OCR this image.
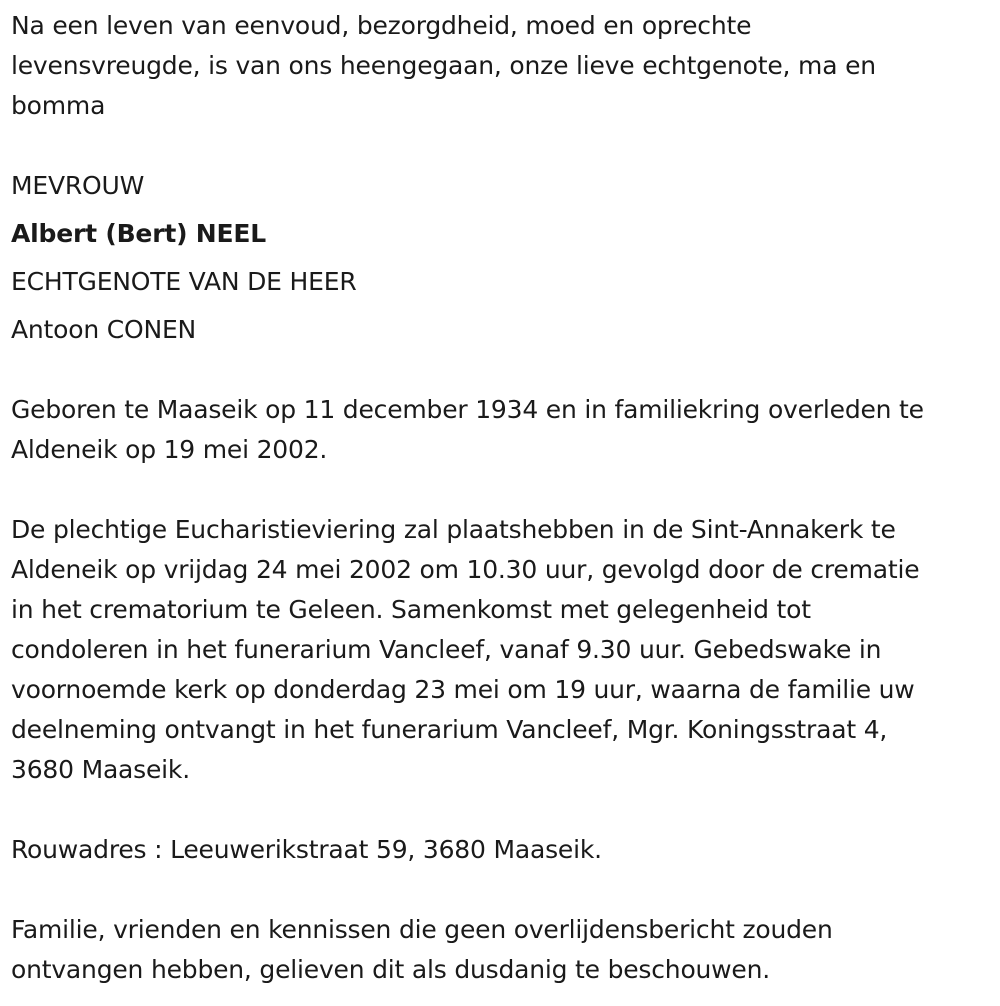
Na een leven van eenvoud, bezorgdheid, moed en oprechte

levensvreugde, is van ons heengegaan, onze lieve echtgenote, ma en

bomma

MEVROUW

Albert (Bert) NEEL

ECHTGENOTE VAN DE HEER

Antoon CONEN

Geboren te Maaseik op 11 december 1934 en in familiekring overleden te

Aldeneik op 19 mei 2002.

De plechtige Eucharistieviering zal plaatshebben in de Sint-Annakerk te

Aldeneik op vrijdag 24 mei 2002 om 10.30 uur, gevolgd door de crematie

in het crematorium te Geleen. Samenkomst met gelegenheid tot

condoleren in het funerarium Vancleef, vanaf 9.30 uur. Gebedswake in

voornoemde kerk op donderdag 23 mei om 19 uur, waarna de familie uw

deelneming ontvangt in het funerarium Vancleef, Mgr. Koningsstraat 4,

3680 Maaseik.

Rouwadres : Leeuwerikstraat 59, 3680 Maaseik.

Familie, vrienden en kennissen die geen overlijdensbericht zouden

ontvangen hebben, gelieven dit als dusdanig te beschouwen.
